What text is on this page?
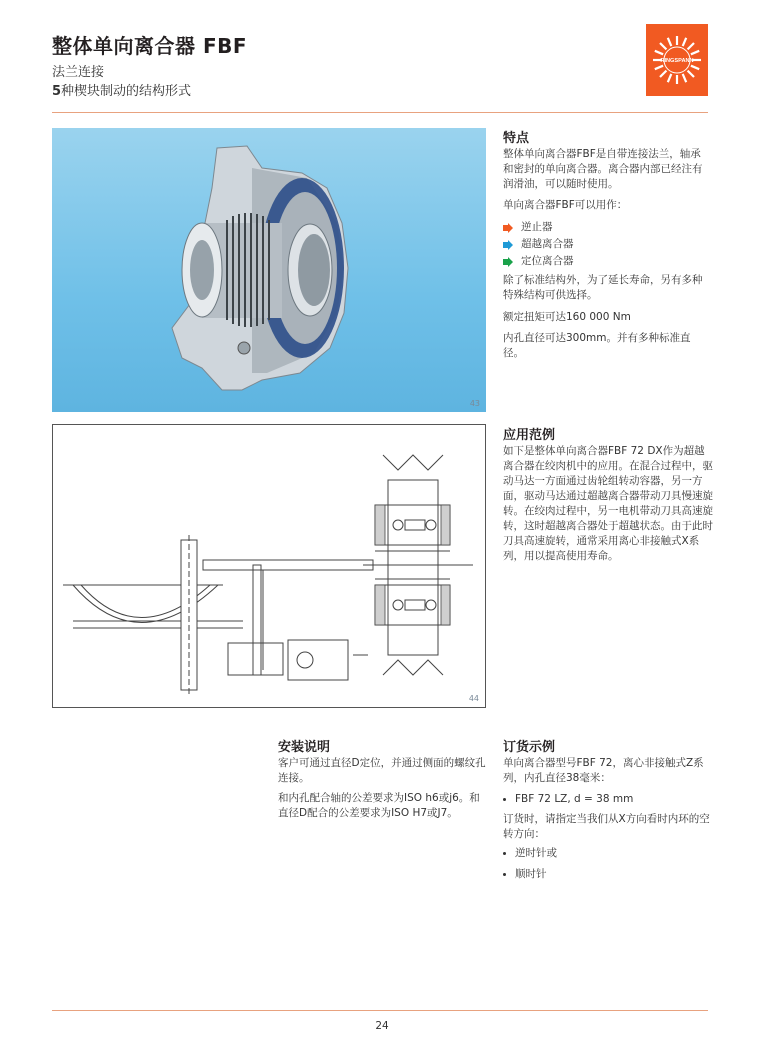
整体单向离合器 FBF
法兰连接
5种楔块制动的结构形式
RINGSPANN
43
特点
整体单向离合器FBF是自带连接法兰，轴承和密封的单向离合器。离合器内部已经注有润滑油，可以随时使用。
单向离合器FBF可以用作：
逆止器
超越离合器
定位离合器
除了标准结构外，为了延长寿命，另有多种特殊结构可供选择。
额定扭矩可达160 000 Nm
内孔直径可达300mm。并有多种标准直径。
44
应用范例
如下是整体单向离合器FBF 72 DX作为超越离合器在绞肉机中的应用。在混合过程中，驱动马达一方面通过齿轮组转动容器，另一方面，驱动马达通过超越离合器带动刀具慢速旋转。在绞肉过程中，另一电机带动刀具高速旋转，这时超越离合器处于超越状态。由于此时刀具高速旋转，通常采用离心非接触式X系列，用以提高使用寿命。
安装说明
客户可通过直径D定位，并通过侧面的螺纹孔连接。
和内孔配合轴的公差要求为ISO h6或j6。和直径D配合的公差要求为ISO H7或J7。
订货示例
单向离合器型号FBF 72，离心非接触式Z系列，内孔直径38毫米：
FBF 72 LZ, d = 38 mm
订货时，请指定当我们从X方向看时内环的空转方向：
逆时针或
顺时针
24
